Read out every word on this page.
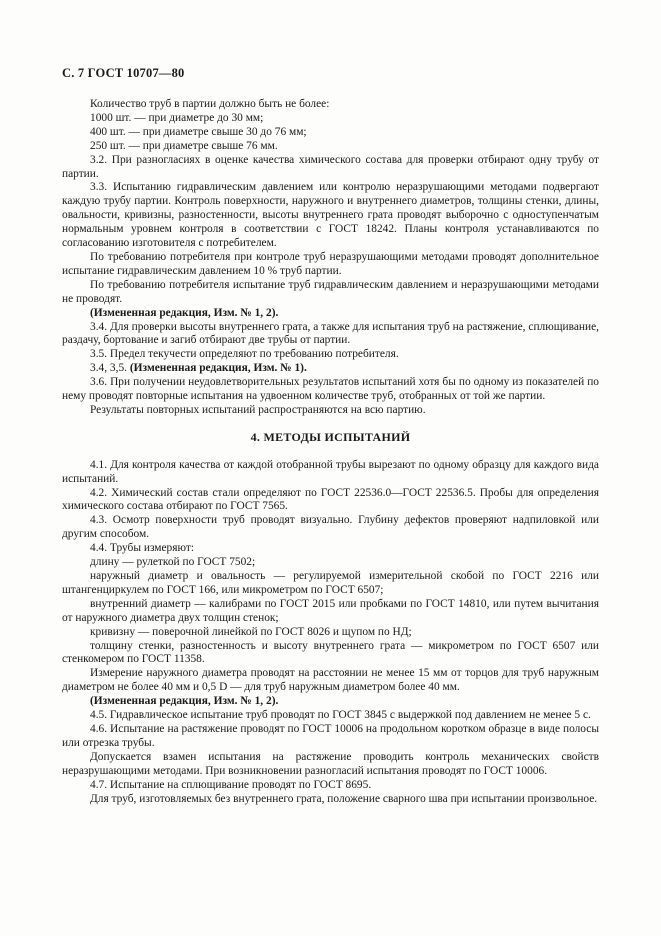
С. 7 ГОСТ 10707—80

Количество труб в партии должно быть не более:

1000 шт. — при диаметре до 30 мм;

400 шт. — при диаметре свыше 30 до 76 мм;

250 шт. — при диаметре свыше 76 мм.

3.2. При разногласиях в оценке качества химического состава для проверки отбирают одну трубу от партии.

3.3. Испытанию гидравлическим давлением или контролю неразрушающими методами подвергают каждую трубу партии. Контроль поверхности, наружного и внутреннего диаметров, толщины стенки, длины, овальности, кривизны, разностенности, высоты внутреннего грата проводят выборочно с одноступенчатым нормальным уровнем контроля в соответствии с ГОСТ 18242. Планы контроля устанавливаются по согласованию изготовителя с потребителем.

По требованию потребителя при контроле труб неразрушающими методами проводят дополнительное испытание гидравлическим давлением 10 % труб партии.

По требованию потребителя испытание труб гидравлическим давлением и неразрушающими методами не проводят.

(Измененная редакция, Изм. № 1, 2).

3.4. Для проверки высоты внутреннего грата, а также для испытания труб на растяжение, сплющивание, раздачу, бортование и загиб отбирают две трубы от партии.

3.5. Предел текучести определяют по требованию потребителя.

3.4, 3,5. (Измененная редакция, Изм. № 1).

3.6. При получении неудовлетворительных результатов испытаний хотя бы по одному из показателей по нему проводят повторные испытания на удвоенном количестве труб, отобранных от той же партии.

Результаты повторных испытаний распространяются на всю партию.

4. МЕТОДЫ ИСПЫТАНИЙ

4.1. Для контроля качества от каждой отобранной трубы вырезают по одному образцу для каждого вида испытаний.

4.2. Химический состав стали определяют по ГОСТ 22536.0—ГОСТ 22536.5. Пробы для определения химического состава отбирают по ГОСТ 7565.

4.3. Осмотр поверхности труб проводят визуально. Глубину дефектов проверяют надпиловкой или другим способом.

4.4. Трубы измеряют:

длину — рулеткой по ГОСТ 7502;

наружный диаметр и овальность — регулируемой измерительной скобой по ГОСТ 2216 или штангенциркулем по ГОСТ 166, или микрометром по ГОСТ 6507;

внутренний диаметр — калибрами по ГОСТ 2015 или пробками по ГОСТ 14810, или путем вычитания от наружного диаметра двух толщин стенок;

кривизну — поверочной линейкой по ГОСТ 8026 и щупом по НД;

толщину стенки, разностенность и высоту внутреннего грата — микрометром по ГОСТ 6507 или стенкомером по ГОСТ 11358.

Измерение наружного диаметра проводят на расстоянии не менее 15 мм от торцов для труб наружным диаметром не более 40 мм и 0,5 D — для труб наружным диаметром более 40 мм.

(Измененная редакция, Изм. № 1, 2).

4.5. Гидравлическое испытание труб проводят по ГОСТ 3845 с выдержкой под давлением не менее 5 с.

4.6. Испытание на растяжение проводят по ГОСТ 10006 на продольном коротком образце в виде полосы или отрезка трубы.

Допускается взамен испытания на растяжение проводить контроль механических свойств неразрушающими методами. При возникновении разногласий испытания проводят по ГОСТ 10006.

4.7. Испытание на сплющивание проводят по ГОСТ 8695.

Для труб, изготовляемых без внутреннего грата, положение сварного шва при испытании произвольное.
